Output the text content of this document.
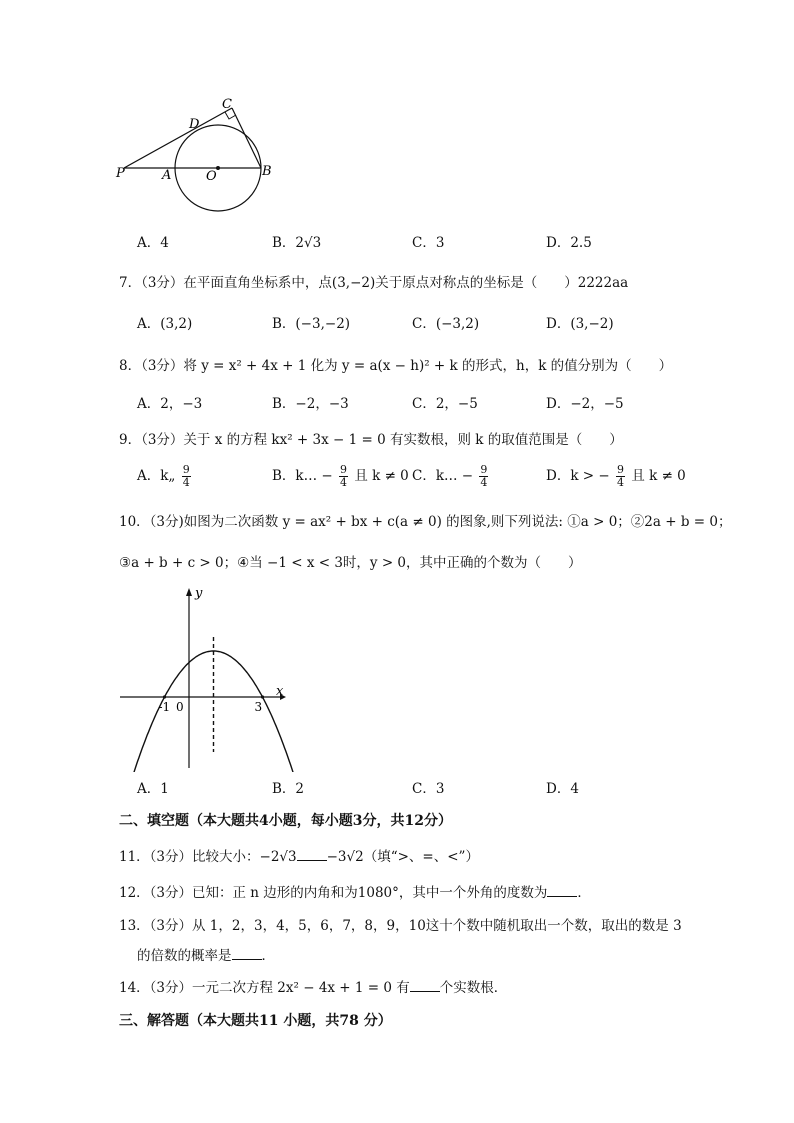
P	A	O	B
C
D
A．4	B．2√3	C．3	D．2.5
7．（3分）在平面直角坐标系中，点(3,−2)关于原点对称点的坐标是（　　）2222aa
A．(3,2)	B．(−3,−2)	C．(−3,2)	D．(3,−2)
8．（3分）将 y = x² + 4x + 1 化为 y = a(x − h)² + k 的形式，h，k 的值分别为（　　）
A．2，−3	B．−2，−3	C．2，−5	D．−2，−5
9．（3分）关于 x 的方程 kx² + 3x − 1 = 0 有实数根，则 k 的取值范围是（　　）
A．k„ $\frac{9}{4}$	B．k… − $\frac{9}{4}$ 且 k ≠ 0 C．k… − $\frac{9}{4}$	D．k > − $\frac{9}{4}$ 且 k ≠ 0
10．（3分)如图为二次函数 y = ax² + bx + c(a ≠ 0) 的图象,则下列说法: ①a > 0；②2a + b = 0；
③a + b + c > 0；④当 −1 < x < 3时，y > 0，其中正确的个数为（　　）
y
x
-1 0	3
A．1	B．2	C．3	D．4
二、填空题（本大题共4小题，每小题3分，共12分）
11．（3分）比较大小：−2√3 −3√2（填“>、=、<”）
12．（3分）已知：正 n 边形的内角和为1080°，其中一个外角的度数为 ．
13．（3分）从 1，2，3，4，5，6，7，8，9，10这十个数中随机取出一个数，取出的数是 3
的倍数的概率是 ．
14．（3分）一元二次方程 2x² − 4x + 1 = 0 有 个实数根．
三、解答题（本大题共11 小题，共78 分）
